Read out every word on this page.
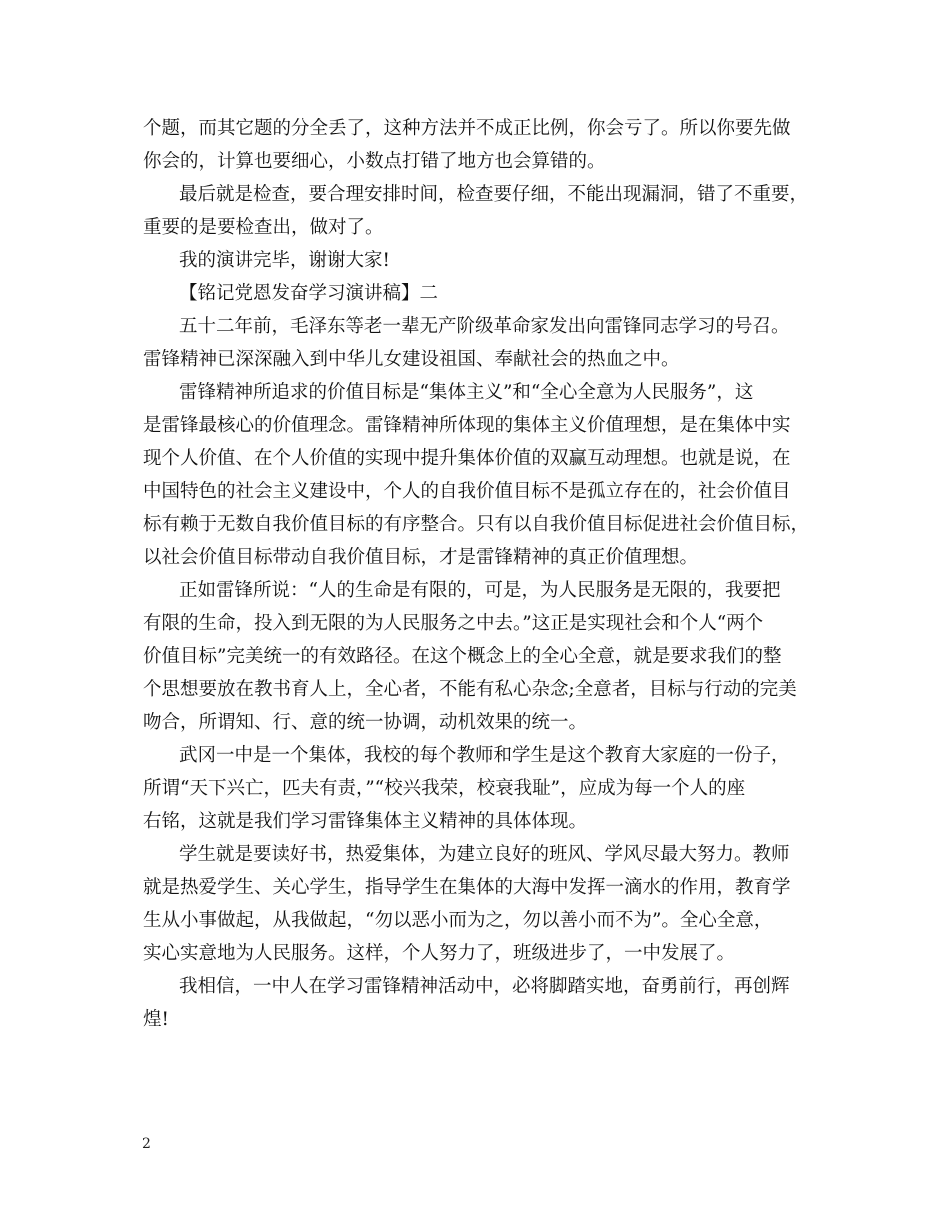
个题，而其它题的分全丢了，这种方法并不成正比例，你会亏了。所以你要先做
你会的，计算也要细心，小数点打错了地方也会算错的。
最后就是检查，要合理安排时间，检查要仔细，不能出现漏洞，错了不重要，
重要的是要检查出，做对了。
我的演讲完毕，谢谢大家!
【铭记党恩发奋学习演讲稿】二
五十二年前，毛泽东等老一辈无产阶级革命家发出向雷锋同志学习的号召。
雷锋精神已深深融入到中华儿女建设祖国、奉献社会的热血之中。
雷锋精神所追求的价值目标是“集体主义”和“全心全意为人民服务”，这
是雷锋最核心的价值理念。雷锋精神所体现的集体主义价值理想，是在集体中实
现个人价值、在个人价值的实现中提升集体价值的双赢互动理想。也就是说，在
中国特色的社会主义建设中，个人的自我价值目标不是孤立存在的，社会价值目
标有赖于无数自我价值目标的有序整合。只有以自我价值目标促进社会价值目标，
以社会价值目标带动自我价值目标，才是雷锋精神的真正价值理想。
正如雷锋所说：“人的生命是有限的，可是，为人民服务是无限的，我要把
有限的生命，投入到无限的为人民服务之中去。”这正是实现社会和个人“两个
价值目标”完美统一的有效路径。在这个概念上的全心全意，就是要求我们的整
个思想要放在教书育人上，全心者，不能有私心杂念;全意者，目标与行动的完美
吻合，所谓知、行、意的统一协调，动机效果的统一。
武冈一中是一个集体，我校的每个教师和学生是这个教育大家庭的一份子，
所谓“天下兴亡，匹夫有责，”“校兴我荣，校衰我耻”，应成为每一个人的座
右铭，这就是我们学习雷锋集体主义精神的具体体现。
学生就是要读好书，热爱集体，为建立良好的班风、学风尽最大努力。教师
就是热爱学生、关心学生，指导学生在集体的大海中发挥一滴水的作用，教育学
生从小事做起，从我做起，“勿以恶小而为之，勿以善小而不为”。全心全意，
实心实意地为人民服务。这样，个人努力了，班级进步了，一中发展了。
我相信，一中人在学习雷锋精神活动中，必将脚踏实地，奋勇前行，再创辉
煌!
2
